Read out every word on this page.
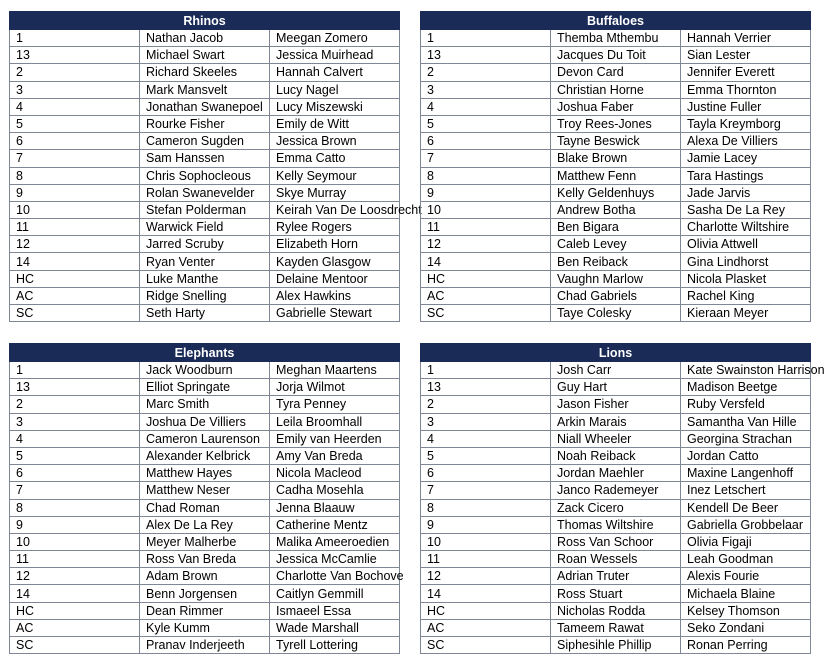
Rhinos		
1	Nathan Jacob	Meegan Zomero
13	Michael Swart	Jessica Muirhead
2	Richard Skeeles	Hannah Calvert
3	Mark Mansvelt	Lucy Nagel
4	Jonathan Swanepoel	Lucy Miszewski
5	Rourke Fisher	Emily de Witt
6	Cameron Sugden	Jessica Brown
7	Sam Hanssen	Emma Catto
8	Chris Sophocleous	Kelly Seymour
9	Rolan Swanevelder	Skye Murray
10	Stefan Polderman	Keirah Van De Loosdrecht
11	Warwick Field	Rylee Rogers
12	Jarred Scruby	Elizabeth Horn
14	Ryan Venter	Kayden Glasgow
HC	Luke Manthe	Delaine Mentoor
AC	Ridge Snelling	Alex Hawkins
SC	Seth Harty	Gabrielle Stewart
Buffaloes		
1	Themba Mthembu	Hannah Verrier
13	Jacques Du Toit	Sian Lester
2	Devon Card	Jennifer Everett
3	Christian Horne	Emma Thornton
4	Joshua Faber	Justine Fuller
5	Troy Rees-Jones	Tayla Kreymborg
6	Tayne Beswick	Alexa De Villiers
7	Blake Brown	Jamie Lacey
8	Matthew Fenn	Tara Hastings
9	Kelly Geldenhuys	Jade Jarvis
10	Andrew Botha	Sasha De La Rey
11	Ben Bigara	Charlotte Wiltshire
12	Caleb Levey	Olivia Attwell
14	Ben Reiback	Gina Lindhorst
HC	Vaughn Marlow	Nicola Plasket
AC	Chad Gabriels	Rachel King
SC	Taye Colesky	Kieraan Meyer
Elephants		
1	Jack Woodburn	Meghan Maartens
13	Elliot Springate	Jorja Wilmot
2	Marc Smith	Tyra Penney
3	Joshua De Villiers	Leila Broomhall
4	Cameron Laurenson	Emily van Heerden
5	Alexander Kelbrick	Amy Van Breda
6	Matthew Hayes	Nicola Macleod
7	Matthew Neser	Cadha Mosehla
8	Chad Roman	Jenna Blaauw
9	Alex De La Rey	Catherine Mentz
10	Meyer Malherbe	Malika Ameeroedien
11	Ross Van Breda	Jessica McCamlie
12	Adam Brown	Charlotte Van Bochove
14	Benn Jorgensen	Caitlyn Gemmill
HC	Dean Rimmer	Ismaeel Essa
AC	Kyle Kumm	Wade Marshall
SC	Pranav Inderjeeth	Tyrell Lottering
Lions		
1	Josh Carr	Kate Swainston Harrison
13	Guy Hart	Madison Beetge
2	Jason Fisher	Ruby Versfeld
3	Arkin Marais	Samantha Van Hille
4	Niall Wheeler	Georgina Strachan
5	Noah Reiback	Jordan Catto
6	Jordan Maehler	Maxine Langenhoff
7	Janco Rademeyer	Inez Letschert
8	Zack Cicero	Kendell De Beer
9	Thomas Wiltshire	Gabriella Grobbelaar
10	Ross Van Schoor	Olivia Figaji
11	Roan Wessels	Leah Goodman
12	Adrian Truter	Alexis Fourie
14	Ross Stuart	Michaela Blaine
HC	Nicholas Rodda	Kelsey Thomson
AC	Tameem Rawat	Seko Zondani
SC	Siphesihle Phillip	Ronan Perring
